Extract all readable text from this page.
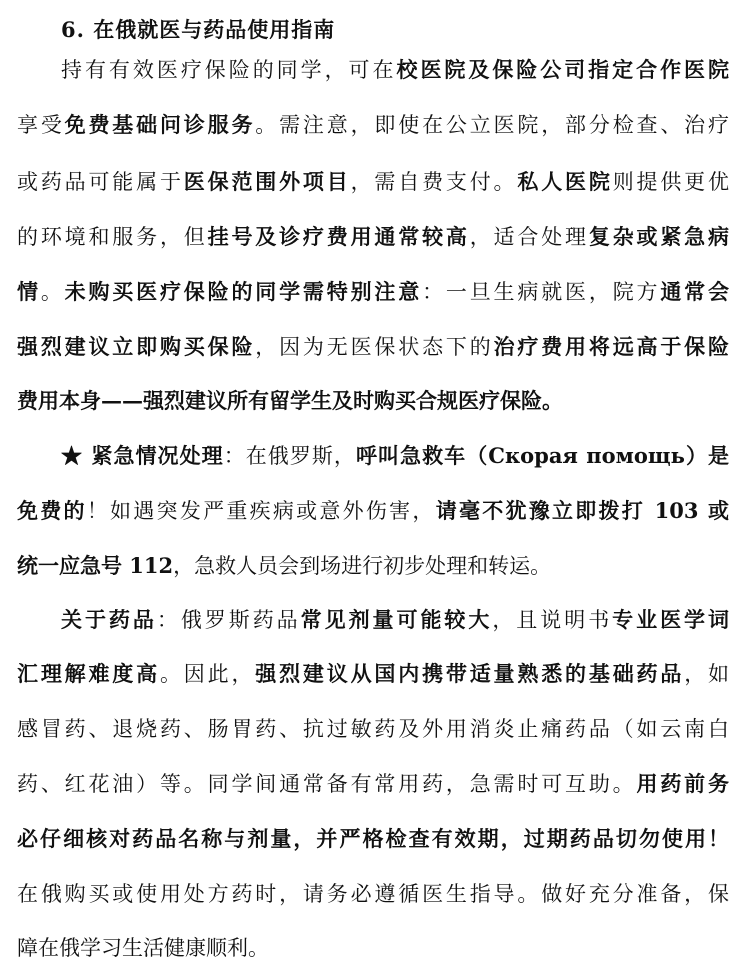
6. 在俄就医与药品使用指南
持有有效医疗保险的同学，可在校医院及保险公司指定合作医院
享受免费基础问诊服务。需注意，即使在公立医院，部分检查、治疗
或药品可能属于医保范围外项目，需自费支付。私人医院则提供更优
的环境和服务，但挂号及诊疗费用通常较高，适合处理复杂或紧急病
情。未购买医疗保险的同学需特别注意：一旦生病就医，院方通常会
强烈建议立即购买保险，因为无医保状态下的治疗费用将远高于保险
费用本身——强烈建议所有留学生及时购买合规医疗保险。
★ 紧急情况处理：在俄罗斯，呼叫急救车（Скорая помощь）是
免费的！如遇突发严重疾病或意外伤害，请毫不犹豫立即拨打 103 或
统一应急号 112，急救人员会到场进行初步处理和转运。
关于药品：俄罗斯药品常见剂量可能较大，且说明书专业医学词
汇理解难度高。因此，强烈建议从国内携带适量熟悉的基础药品，如
感冒药、退烧药、肠胃药、抗过敏药及外用消炎止痛药品（如云南白
药、红花油）等。同学间通常备有常用药，急需时可互助。用药前务
必仔细核对药品名称与剂量，并严格检查有效期，过期药品切勿使用！
在俄购买或使用处方药时，请务必遵循医生指导。做好充分准备，保
障在俄学习生活健康顺利。
